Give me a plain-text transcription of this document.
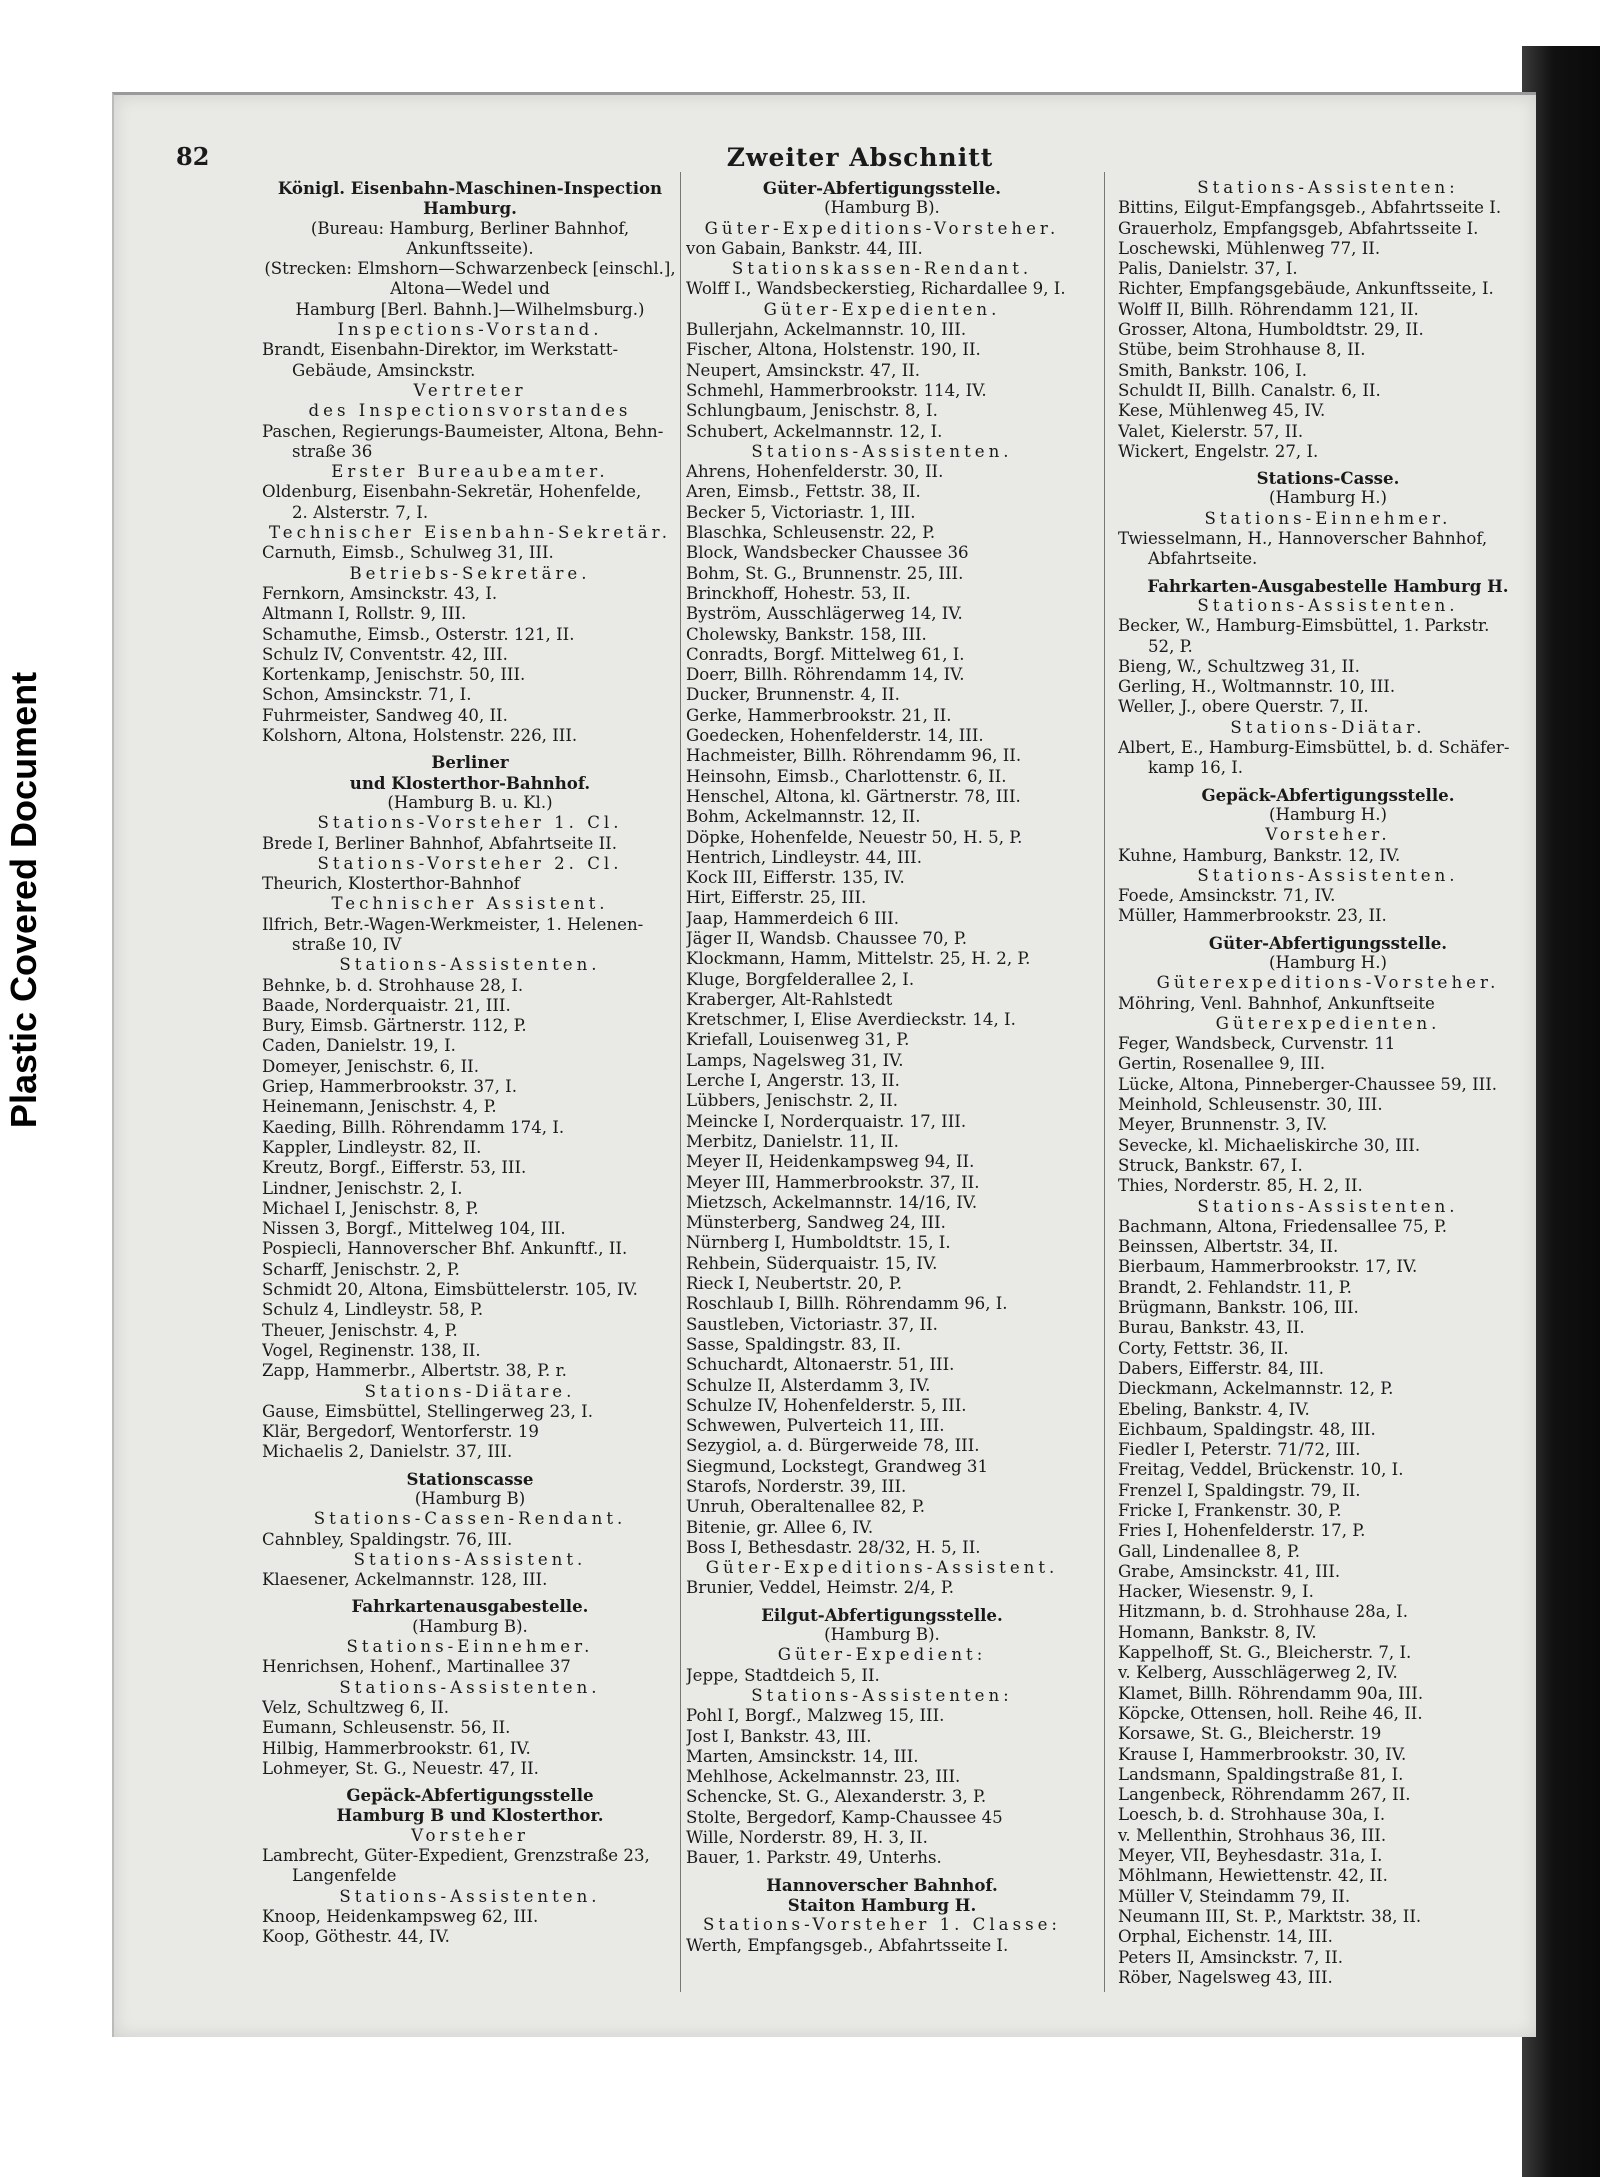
Plastic Covered Document
82	Zweiter Abschnitt
Königl. Eisenbahn-Maschinen-Inspection
Hamburg.
(Bureau: Hamburg, Berliner Bahnhof,
Ankunftsseite).
(Strecken: Elmshorn—Schwarzenbeck [einschl.],
Altona—Wedel und
Hamburg [Berl. Bahnh.]—Wilhelmsburg.)
Inspections-Vorstand.
Brandt, Eisenbahn-Direktor, im Werkstatt-
Gebäude, Amsinckstr.
Vertreter
des Inspectionsvorstandes
Paschen, Regierungs-Baumeister, Altona, Behn-
straße 36
Erster Bureaubeamter.
Oldenburg, Eisenbahn-Sekretär, Hohenfelde,
2. Alsterstr. 7, I.
Technischer Eisenbahn-Sekretär.
Carnuth, Eimsb., Schulweg 31, III.
Betriebs-Sekretäre.
Fernkorn, Amsinckstr. 43, I.
Altmann I, Rollstr. 9, III.
Schamuthe, Eimsb., Osterstr. 121, II.
Schulz IV, Conventstr. 42, III.
Kortenkamp, Jenischstr. 50, III.
Schon, Amsinckstr. 71, I.
Fuhrmeister, Sandweg 40, II.
Kolshorn, Altona, Holstenstr. 226, III.
Berliner
und Klosterthor-Bahnhof.
(Hamburg B. u. Kl.)
Stations-Vorsteher 1. Cl.
Brede I, Berliner Bahnhof, Abfahrtseite II.
Stations-Vorsteher 2. Cl.
Theurich, Klosterthor-Bahnhof
Technischer Assistent.
Ilfrich, Betr.-Wagen-Werkmeister, 1. Helenen-
straße 10, IV
Stations-Assistenten.
Behnke, b. d. Strohhause 28, I.
Baade, Norderquaistr. 21, III.
Bury, Eimsb. Gärtnerstr. 112, P.
Caden, Danielstr. 19, I.
Domeyer, Jenischstr. 6, II.
Griep, Hammerbrookstr. 37, I.
Heinemann, Jenischstr. 4, P.
Kaeding, Billh. Röhrendamm 174, I.
Kappler, Lindleystr. 82, II.
Kreutz, Borgf., Eifferstr. 53, III.
Lindner, Jenischstr. 2, I.
Michael I, Jenischstr. 8, P.
Nissen 3, Borgf., Mittelweg 104, III.
Pospiecli, Hannoverscher Bhf. Ankunftf., II.
Scharff, Jenischstr. 2, P.
Schmidt 20, Altona, Eimsbüttelerstr. 105, IV.
Schulz 4, Lindleystr. 58, P.
Theuer, Jenischstr. 4, P.
Vogel, Reginenstr. 138, II.
Zapp, Hammerbr., Albertstr. 38, P. r.
Stations-Diätare.
Gause, Eimsbüttel, Stellingerweg 23, I.
Klär, Bergedorf, Wentorferstr. 19
Michaelis 2, Danielstr. 37, III.
Stationscasse
(Hamburg B)
Stations-Cassen-Rendant.
Cahnbley, Spaldingstr. 76, III.
Stations-Assistent.
Klaesener, Ackelmannstr. 128, III.
Fahrkartenausgabestelle.
(Hamburg B).
Stations-Einnehmer.
Henrichsen, Hohenf., Martinallee 37
Stations-Assistenten.
Velz, Schultzweg 6, II.
Eumann, Schleusenstr. 56, II.
Hilbig, Hammerbrookstr. 61, IV.
Lohmeyer, St. G., Neuestr. 47, II.
Gepäck-Abfertigungsstelle
Hamburg B und Klosterthor.
Vorsteher
Lambrecht, Güter-Expedient, Grenzstraße 23,
Langenfelde
Stations-Assistenten.
Knoop, Heidenkampsweg 62, III.
Koop, Göthestr. 44, IV.
Güter-Abfertigungsstelle.
(Hamburg B).
Güter-Expeditions-Vorsteher.
von Gabain, Bankstr. 44, III.
Stationskassen-Rendant.
Wolff I., Wandsbeckerstieg, Richardallee 9, I.
Güter-Expedienten.
Bullerjahn, Ackelmannstr. 10, III.
Fischer, Altona, Holstenstr. 190, II.
Neupert, Amsinckstr. 47, II.
Schmehl, Hammerbrookstr. 114, IV.
Schlungbaum, Jenischstr. 8, I.
Schubert, Ackelmannstr. 12, I.
Stations-Assistenten.
Ahrens, Hohenfelderstr. 30, II.
Aren, Eimsb., Fettstr. 38, II.
Becker 5, Victoriastr. 1, III.
Blaschka, Schleusenstr. 22, P.
Block, Wandsbecker Chaussee 36
Bohm, St. G., Brunnenstr. 25, III.
Brinckhoff, Hohestr. 53, II.
Byström, Ausschlägerweg 14, IV.
Cholewsky, Bankstr. 158, III.
Conradts, Borgf. Mittelweg 61, I.
Doerr, Billh. Röhrendamm 14, IV.
Ducker, Brunnenstr. 4, II.
Gerke, Hammerbrookstr. 21, II.
Goedecken, Hohenfelderstr. 14, III.
Hachmeister, Billh. Röhrendamm 96, II.
Heinsohn, Eimsb., Charlottenstr. 6, II.
Henschel, Altona, kl. Gärtnerstr. 78, III.
Bohm, Ackelmannstr. 12, II.
Döpke, Hohenfelde, Neuestr 50, H. 5, P.
Hentrich, Lindleystr. 44, III.
Kock III, Eifferstr. 135, IV.
Hirt, Eifferstr. 25, III.
Jaap, Hammerdeich 6 III.
Jäger II, Wandsb. Chaussee 70, P.
Klockmann, Hamm, Mittelstr. 25, H. 2, P.
Kluge, Borgfelderallee 2, I.
Kraberger, Alt-Rahlstedt
Kretschmer, I, Elise Averdieckstr. 14, I.
Kriefall, Louisenweg 31, P.
Lamps, Nagelsweg 31, IV.
Lerche I, Angerstr. 13, II.
Lübbers, Jenischstr. 2, II.
Meincke I, Norderquaistr. 17, III.
Merbitz, Danielstr. 11, II.
Meyer II, Heidenkampsweg 94, II.
Meyer III, Hammerbrookstr. 37, II.
Mietzsch, Ackelmannstr. 14/16, IV.
Münsterberg, Sandweg 24, III.
Nürnberg I, Humboldtstr. 15, I.
Rehbein, Süderquaistr. 15, IV.
Rieck I, Neubertstr. 20, P.
Roschlaub I, Billh. Röhrendamm 96, I.
Saustleben, Victoriastr. 37, II.
Sasse, Spaldingstr. 83, II.
Schuchardt, Altonaerstr. 51, III.
Schulze II, Alsterdamm 3, IV.
Schulze IV, Hohenfelderstr. 5, III.
Schwewen, Pulverteich 11, III.
Sezygiol, a. d. Bürgerweide 78, III.
Siegmund, Lockstegt, Grandweg 31
Starofs, Norderstr. 39, III.
Unruh, Oberaltenallee 82, P.
Bitenie, gr. Allee 6, IV.
Boss I, Bethesdastr. 28/32, H. 5, II.
Güter-Expeditions-Assistent.
Brunier, Veddel, Heimstr. 2/4, P.
Eilgut-Abfertigungsstelle.
(Hamburg B).
Güter-Expedient:
Jeppe, Stadtdeich 5, II.
Stations-Assistenten:
Pohl I, Borgf., Malzweg 15, III.
Jost I, Bankstr. 43, III.
Marten, Amsinckstr. 14, III.
Mehlhose, Ackelmannstr. 23, III.
Schencke, St. G., Alexanderstr. 3, P.
Stolte, Bergedorf, Kamp-Chaussee 45
Wille, Norderstr. 89, H. 3, II.
Bauer, 1. Parkstr. 49, Unterhs.
Hannoverscher Bahnhof.
Staiton Hamburg H.
Stations-Vorsteher 1. Classe:
Werth, Empfangsgeb., Abfahrtsseite I.
Stations-Assistenten:
Bittins, Eilgut-Empfangsgeb., Abfahrtsseite I.
Grauerholz, Empfangsgeb, Abfahrtsseite I.
Loschewski, Mühlenweg 77, II.
Palis, Danielstr. 37, I.
Richter, Empfangsgebäude, Ankunftsseite, I.
Wolff II, Billh. Röhrendamm 121, II.
Grosser, Altona, Humboldtstr. 29, II.
Stübe, beim Strohhause 8, II.
Smith, Bankstr. 106, I.
Schuldt II, Billh. Canalstr. 6, II.
Kese, Mühlenweg 45, IV.
Valet, Kielerstr. 57, II.
Wickert, Engelstr. 27, I.
Stations-Casse.
(Hamburg H.)
Stations-Einnehmer.
Twiesselmann, H., Hannoverscher Bahnhof,
Abfahrtseite.
Fahrkarten-Ausgabestelle Hamburg H.
Stations-Assistenten.
Becker, W., Hamburg-Eimsbüttel, 1. Parkstr.
52, P.
Bieng, W., Schultzweg 31, II.
Gerling, H., Woltmannstr. 10, III.
Weller, J., obere Querstr. 7, II.
Stations-Diätar.
Albert, E., Hamburg-Eimsbüttel, b. d. Schäfer-
kamp 16, I.
Gepäck-Abfertigungsstelle.
(Hamburg H.)
Vorsteher.
Kuhne, Hamburg, Bankstr. 12, IV.
Stations-Assistenten.
Foede, Amsinckstr. 71, IV.
Müller, Hammerbrookstr. 23, II.
Güter-Abfertigungsstelle.
(Hamburg H.)
Güterexpeditions-Vorsteher.
Möhring, Venl. Bahnhof, Ankunftseite
Güterexpedienten.
Feger, Wandsbeck, Curvenstr. 11
Gertin, Rosenallee 9, III.
Lücke, Altona, Pinneberger-Chaussee 59, III.
Meinhold, Schleusenstr. 30, III.
Meyer, Brunnenstr. 3, IV.
Sevecke, kl. Michaeliskirche 30, III.
Struck, Bankstr. 67, I.
Thies, Norderstr. 85, H. 2, II.
Stations-Assistenten.
Bachmann, Altona, Friedensallee 75, P.
Beinssen, Albertstr. 34, II.
Bierbaum, Hammerbrookstr. 17, IV.
Brandt, 2. Fehlandstr. 11, P.
Brügmann, Bankstr. 106, III.
Burau, Bankstr. 43, II.
Corty, Fettstr. 36, II.
Dabers, Eifferstr. 84, III.
Dieckmann, Ackelmannstr. 12, P.
Ebeling, Bankstr. 4, IV.
Eichbaum, Spaldingstr. 48, III.
Fiedler I, Peterstr. 71/72, III.
Freitag, Veddel, Brückenstr. 10, I.
Frenzel I, Spaldingstr. 79, II.
Fricke I, Frankenstr. 30, P.
Fries I, Hohenfelderstr. 17, P.
Gall, Lindenallee 8, P.
Grabe, Amsinckstr. 41, III.
Hacker, Wiesenstr. 9, I.
Hitzmann, b. d. Strohhause 28a, I.
Homann, Bankstr. 8, IV.
Kappelhoff, St. G., Bleicherstr. 7, I.
v. Kelberg, Ausschlägerweg 2, IV.
Klamet, Billh. Röhrendamm 90a, III.
Köpcke, Ottensen, holl. Reihe 46, II.
Korsawe, St. G., Bleicherstr. 19
Krause I, Hammerbrookstr. 30, IV.
Landsmann, Spaldingstraße 81, I.
Langenbeck, Röhrendamm 267, II.
Loesch, b. d. Strohhause 30a, I.
v. Mellenthin, Strohhaus 36, III.
Meyer, VII, Beyhesdastr. 31a, I.
Möhlmann, Hewiettenstr. 42, II.
Müller V, Steindamm 79, II.
Neumann III, St. P., Marktstr. 38, II.
Orphal, Eichenstr. 14, III.
Peters II, Amsinckstr. 7, II.
Röber, Nagelsweg 43, III.
